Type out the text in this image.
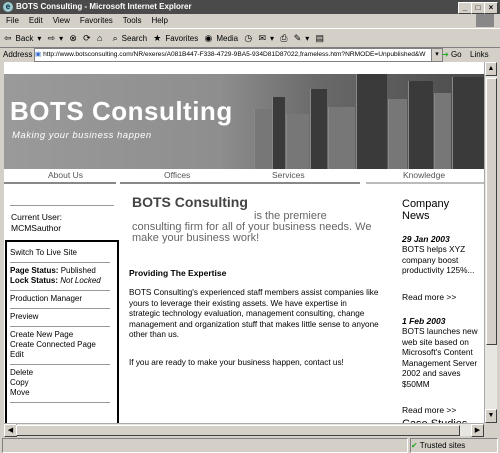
e BOTS Consulting - Microsoft Internet Explorer	_	□	×
File Edit View Favorites Tools Help
⇦ Back ▾ ⇨ ▾ ⊗ ⟳ ⌂ ⌕ Search ★ Favorites ◉ Media ◷ ✉ ▾ ⎙ ✎ ▾ ▤
Address ▣ http://www.botsconsulting.com/NR/exeres/A081B447-F338-4729-9BA5-934D81D87022,frameless.htm?NRMODE=Unpublished&W	▾ ➔ Go Links
BOTS Consulting
Making your business happen
About Us	Offices	Services	Knowledge
Current User:
MCMSauthor
Switch To Live Site
Page Status: Published
Lock Status: Not Locked
Production Manager
Preview
Create New Page
Create Connected Page
Edit
Delete
Copy
Move
BOTS Consulting
is the premiere consulting firm for all of your business needs. We make your business work!
Providing The Expertise
BOTS Consulting's experienced staff members assist companies like yours to leverage their existing assets. We have expertise in strategic technology evaluation, management consulting, change management and organization stuff that makes little sense to anyone other than us.
If you are ready to make your business happen, contact us!
Company News
29 Jan 2003
BOTS helps XYZ company boost productivity 125%...
Read more >>
1 Feb 2003
BOTS launches new web site based on Microsoft's Content Management Server 2002 and saves $50MM
Read more >>
▲
▼
◀	▶
✔ Trusted sites
